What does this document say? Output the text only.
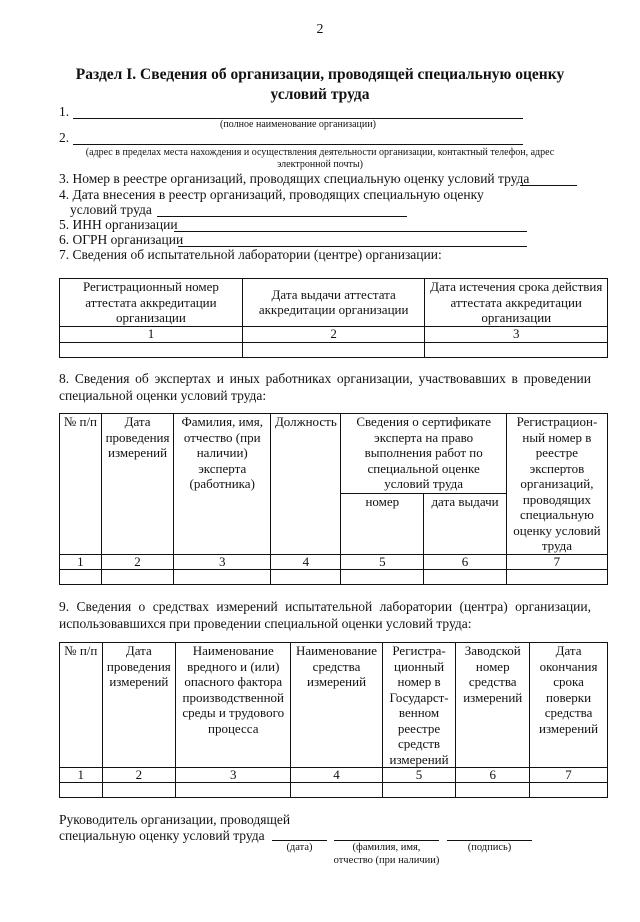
2
Раздел I. Сведения об организации, проводящей специальную оценку условий труда
1.
(полное наименование организации)
2.
(адрес в пределах места нахождения и осуществления деятельности организации, контактный телефон, адрес
электронной почты)
3. Номер в реестре организаций, проводящих специальную оценку условий труда
4. Дата внесения в реестр организаций, проводящих специальную оценку
условий труда
5. ИНН организации
6. ОГРН организации
7. Сведения об испытательной лаборатории (центре) организации:
Регистрационный номер аттестата аккредитации организации	Дата выдачи аттестата аккредитации организации	Дата истечения срока действия аттестата аккредитации организации
1	2	3

8. Сведения об экспертах и иных работниках организации, участвовавших в проведении специальной оценки условий труда:
№ п/п	Дата проведения измерений	Фамилия, имя, отчество (при наличии) эксперта (работника)	Должность	Сведения о сертификате эксперта на право выполнения работ по специальной оценке условий труда		Регистрацион-ный номер в реестре экспертов организаций, проводящих специальную оценку условий труда
				номер	дата выдачи	
1	2	3	4	5	6	7

9. Сведения о средствах измерений испытательной лаборатории (центра) организации, использовавшихся при проведении специальной оценки условий труда:
№ п/п	Дата проведения измерений	Наименование вредного и (или) опасного фактора производственной среды и трудового процесса	Наименование средства измерений	Регистра-ционный номер в Государст-венном реестре средств измерений	Заводской номер средства измерений	Дата окончания срока поверки средства измерений
1	2	3	4	5	6	7

Руководитель организации, проводящей
специальную оценку условий труда
(дата)	(фамилия, имя,
отчество (при наличии)
(подпись)
